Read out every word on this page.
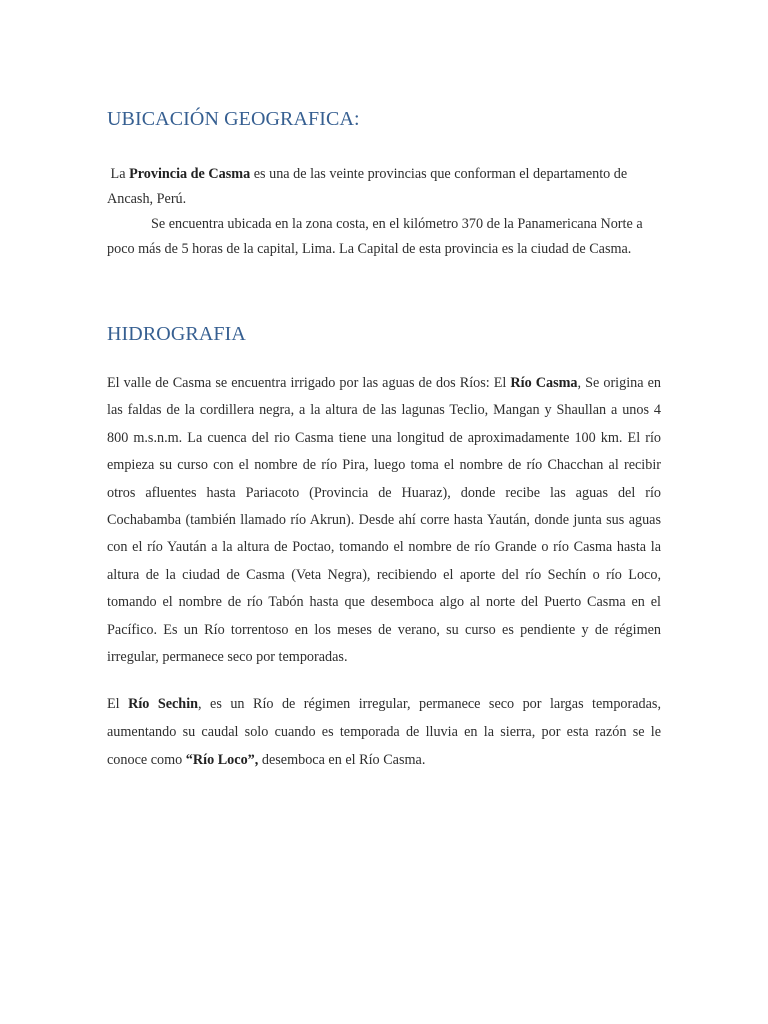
UBICACIÓN GEOGRAFICA:

La Provincia de Casma es una de las veinte provincias que conforman el departamento de Ancash, Perú.

Se encuentra ubicada en la zona costa, en el kilómetro 370 de la Panamericana Norte a poco más de 5 horas de la capital, Lima. La Capital de esta provincia es la ciudad de Casma.

HIDROGRAFIA

El valle de Casma se encuentra irrigado por las aguas de dos Ríos: El Río Casma, Se origina en las faldas de la cordillera negra, a la altura de las lagunas Teclio, Mangan y Shaullan a unos 4 800 m.s.n.m. La cuenca del rio Casma tiene una longitud de aproximadamente 100 km. El río empieza su curso con el nombre de río Pira, luego toma el nombre de río Chacchan al recibir otros afluentes hasta Pariacoto (Provincia de Huaraz), donde recibe las aguas del río Cochabamba (también llamado río Akrun). Desde ahí corre hasta Yaután, donde junta sus aguas con el río Yaután a la altura de Poctao, tomando el nombre de río Grande o río Casma hasta la altura de la ciudad de Casma (Veta Negra), recibiendo el aporte del río Sechín o río Loco, tomando el nombre de río Tabón hasta que desemboca algo al norte del Puerto Casma en el Pacífico. Es un Río torrentoso en los meses de verano, su curso es pendiente y de régimen irregular, permanece seco por temporadas.

El Río Sechin, es un Río de régimen irregular, permanece seco por largas temporadas, aumentando su caudal solo cuando es temporada de lluvia en la sierra, por esta razón se le conoce como “Río Loco”, desemboca en el Río Casma.
